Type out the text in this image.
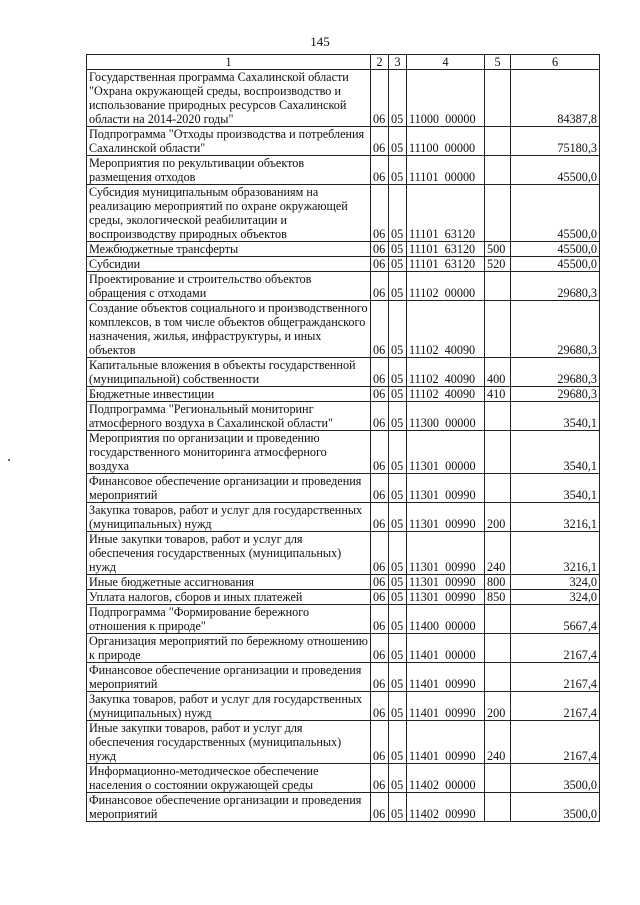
145
1	2	3	4	5	6
Государственная программа Сахалинской области "Охрана окружающей среды, воспроизводство и использование природных ресурсов Сахалинской области на 2014-2020 годы"	06	05	11000  00000		84387,8
Подпрограмма "Отходы производства и потребления Сахалинской области"	06	05	11100  00000		75180,3
Мероприятия по рекультивации объектов размещения отходов	06	05	11101  00000		45500,0
Субсидия муниципальным образованиям на реализацию мероприятий по охране окружающей среды, экологической реабилитации и воспроизводству природных объектов	06	05	11101  63120		45500,0
Межбюджетные трансферты	06	05	11101  63120	500	45500,0
Субсидии	06	05	11101  63120	520	45500,0
Проектирование и строительство объектов обращения с отходами	06	05	11102  00000		29680,3
Создание объектов социального и производственного комплексов, в том числе объектов общегражданского назначения, жилья, инфраструктуры, и иных объектов	06	05	11102  40090		29680,3
Капитальные вложения в объекты государственной (муниципальной) собственности	06	05	11102  40090	400	29680,3
Бюджетные инвестиции	06	05	11102  40090	410	29680,3
Подпрограмма "Региональный мониторинг атмосферного воздуха в Сахалинской области"	06	05	11300  00000		3540,1
Мероприятия по организации и проведению государственного мониторинга атмосферного воздуха	06	05	11301  00000		3540,1
Финансовое обеспечение организации и проведения мероприятий	06	05	11301  00990		3540,1
Закупка товаров, работ и услуг для государственных (муниципальных) нужд	06	05	11301  00990	200	3216,1
Иные закупки товаров, работ и услуг для обеспечения государственных (муниципальных) нужд	06	05	11301  00990	240	3216,1
Иные бюджетные ассигнования	06	05	11301  00990	800	324,0
Уплата налогов, сборов и иных платежей	06	05	11301  00990	850	324,0
Подпрограмма "Формирование бережного отношения к природе"	06	05	11400  00000		5667,4
Организация мероприятий по бережному отношению к природе	06	05	11401  00000		2167,4
Финансовое обеспечение организации и проведения мероприятий	06	05	11401  00990		2167,4
Закупка товаров, работ и услуг для государственных (муниципальных) нужд	06	05	11401  00990	200	2167,4
Иные закупки товаров, работ и услуг для обеспечения государственных (муниципальных) нужд	06	05	11401  00990	240	2167,4
Информационно-методическое обеспечение населения о состоянии окружающей среды	06	05	11402  00000		3500,0
Финансовое обеспечение организации и проведения мероприятий	06	05	11402  00990		3500,0
